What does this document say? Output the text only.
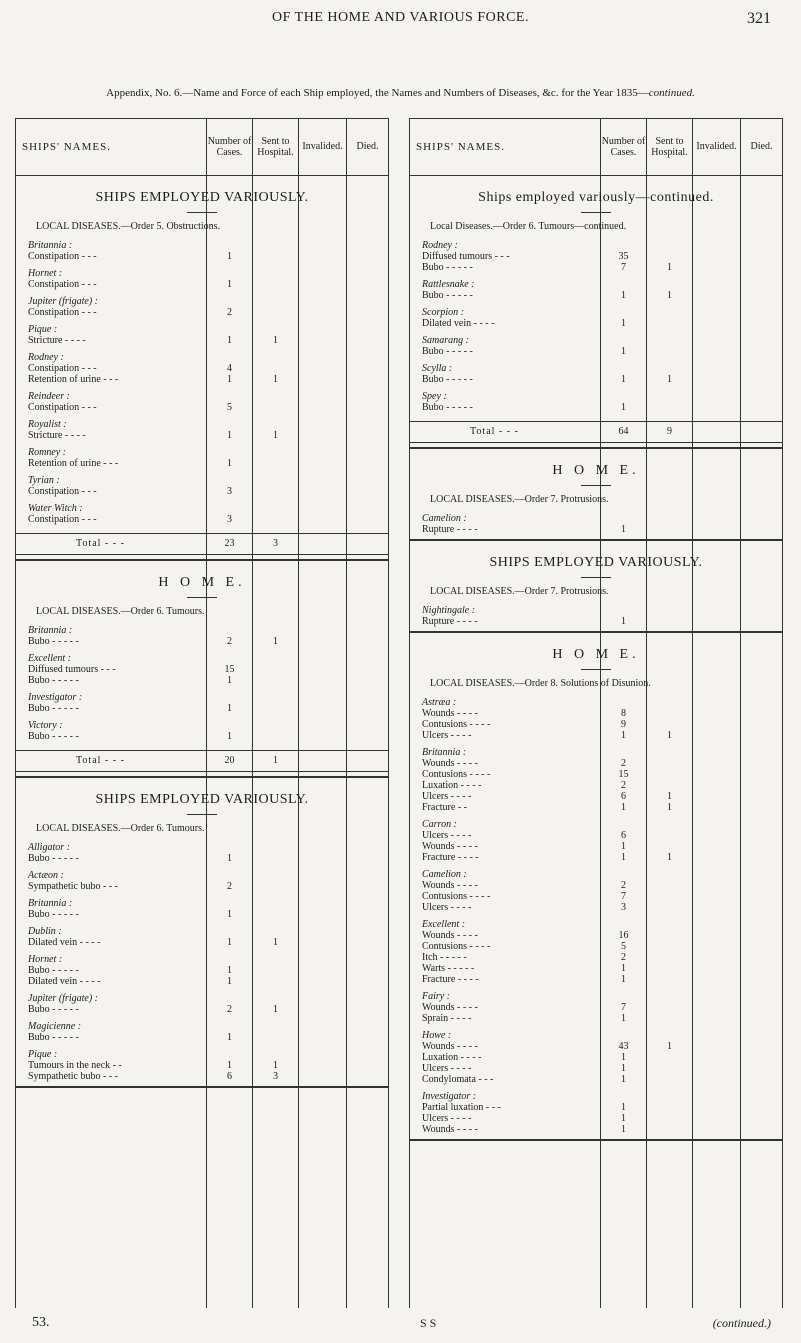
OF THE HOME AND VARIOUS FORCE.	321
Appendix, No. 6.—Name and Force of each Ship employed, the Names and Numbers of Diseases, &c. for the Year 1835—continued.
SHIPS' NAMES.	Number of Cases.
Sent to Hospital.
Invalided.	Died.
SHIPS EMPLOYED VARIOUSLY.
LOCAL DISEASES.—Order 5. Obstructions.
Britannia :
Constipation - - -	1
Hornet :
Constipation - - -	1
Jupiter (frigate) :
Constipation - - -	2
Pique :
Stricture - - - -	1	1
Rodney :
Constipation - - -	4
Retention of urine - - -	1	1
Reindeer :
Constipation - - -	5
Royalist :
Stricture - - - -	1	1
Romney :
Retention of urine - - -	1
Tyrian :
Constipation - - -	3
Water Witch :
Constipation - - -	3
Total - - -	23	3
H O M E.
LOCAL DISEASES.—Order 6. Tumours.
Britannia :
Bubo - - - - -	2	1
Excellent :
Diffused tumours - - -	15
Bubo - - - - -	1
Investigator :
Bubo - - - - -	1
Victory :
Bubo - - - - -	1
Total - - -	20	1
SHIPS EMPLOYED VARIOUSLY.
LOCAL DISEASES.—Order 6. Tumours.
Alligator :
Bubo - - - - -	1
Actæon :
Sympathetic bubo - - -	2
Britannia :
Bubo - - - - -	1
Dublin :
Dilated vein - - - -	1	1
Hornet :
Bubo - - - - -	1
Dilated vein - - - -	1
Jupiter (frigate) :
Bubo - - - - -	2	1
Magicienne :
Bubo - - - - -	1
Pique :
Tumours in the neck - -	1	1
Sympathetic bubo - - -	6	3
SHIPS' NAMES.	Number of Cases.
Sent to Hospital.
Invalided.	Died.
Ships employed variously—continued.
Local Diseases.—Order 6. Tumours—continued.
Rodney :
Diffused tumours - - -	35
Bubo - - - - -	7	1
Rattlesnake :
Bubo - - - - -	1	1
Scorpion :
Dilated vein - - - -	1
Samarang :
Bubo - - - - -	1
Scylla :
Bubo - - - - -	1	1
Spey :
Bubo - - - - -	1
Total - - -	64	9
H O M E.
LOCAL DISEASES.—Order 7. Protrusions.
Camelion :
Rupture - - - -	1
SHIPS EMPLOYED VARIOUSLY.
LOCAL DISEASES.—Order 7. Protrusions.
Nightingale :
Rupture - - - -	1
H O M E.
LOCAL DISEASES.—Order 8. Solutions of Disunion.
Astræa :
Wounds - - - -	8
Contusions - - - -	9
Ulcers - - - -	1	1
Britannia :
Wounds - - - -	2
Contusions - - - -	15
Luxation - - - -	2
Ulcers - - - -	6	1
Fracture - -	1	1
Carron :
Ulcers - - - -	6
Wounds - - - -	1
Fracture - - - -	1	1
Camelion :
Wounds - - - -	2
Contusions - - - -	7
Ulcers - - - -	3
Excellent :
Wounds - - - -	16
Contusions - - - -	5
Itch - - - - -	2
Warts - - - - -	1
Fracture - - - -	1
Fairy :
Wounds - - - -	7
Sprain - - - -	1
Howe :
Wounds - - - -	43	1
Luxation - - - -	1
Ulcers - - - -	1
Condylomata - - -	1
Investigator :
Partial luxation - - -	1
Ulcers - - - -	1
Wounds - - - -	1
53.	S S	(continued.)
